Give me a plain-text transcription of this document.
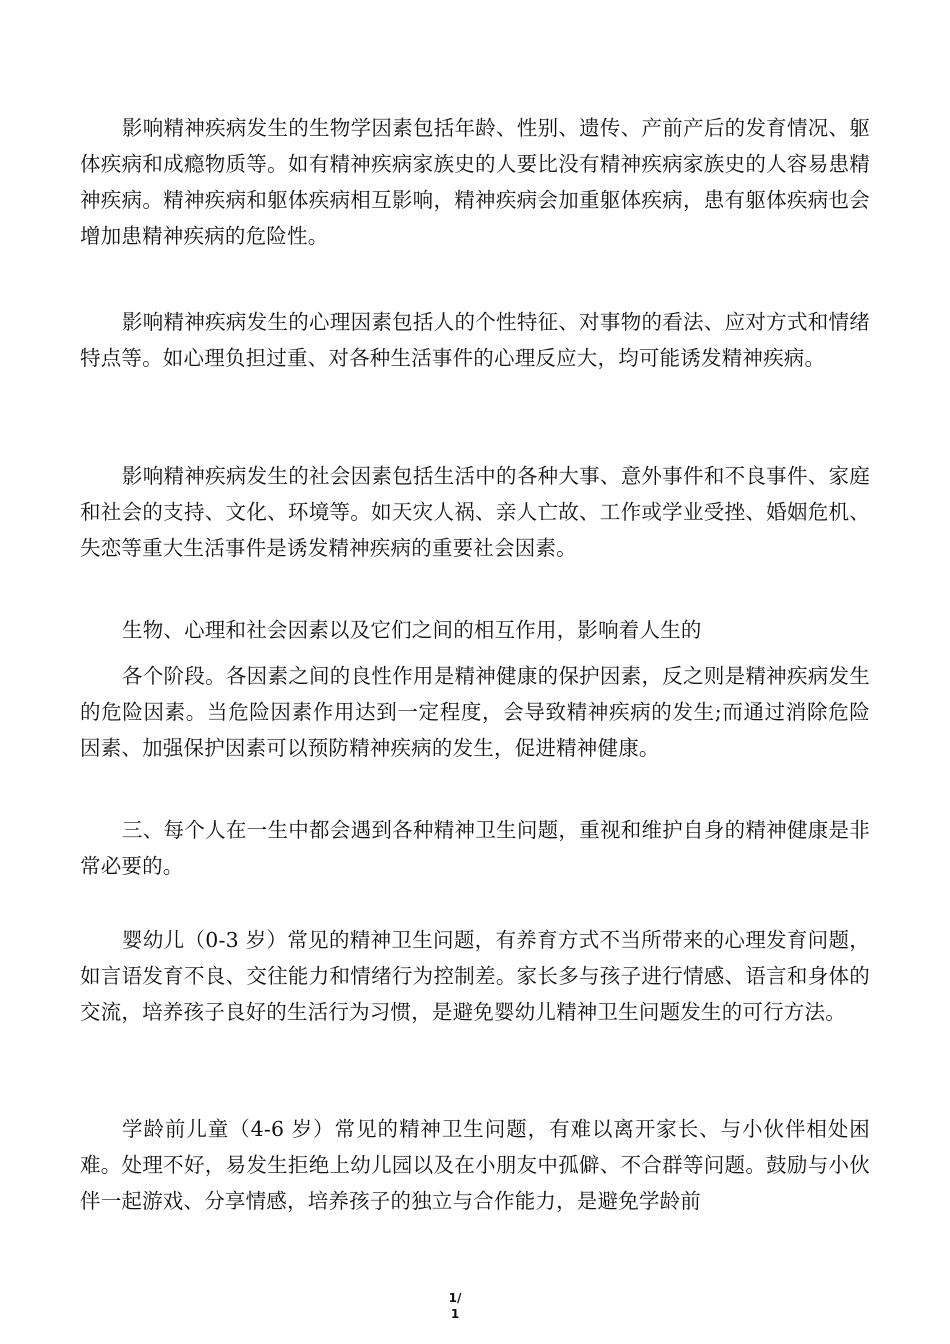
影响精神疾病发生的生物学因素包括年龄、性别、遗传、产前产后的发育情况、躯体疾病和成瘾物质等。如有精神疾病家族史的人要比没有精神疾病家族史的人容易患精神疾病。精神疾病和躯体疾病相互影响，精神疾病会加重躯体疾病，患有躯体疾病也会增加患精神疾病的危险性。

影响精神疾病发生的心理因素包括人的个性特征、对事物的看法、应对方式和情绪特点等。如心理负担过重、对各种生活事件的心理反应大，均可能诱发精神疾病。

影响精神疾病发生的社会因素包括生活中的各种大事、意外事件和不良事件、家庭和社会的支持、文化、环境等。如天灾人祸、亲人亡故、工作或学业受挫、婚姻危机、失恋等重大生活事件是诱发精神疾病的重要社会因素。

生物、心理和社会因素以及它们之间的相互作用，影响着人生的

各个阶段。各因素之间的良性作用是精神健康的保护因素，反之则是精神疾病发生的危险因素。当危险因素作用达到一定程度，会导致精神疾病的发生;而通过消除危险因素、加强保护因素可以预防精神疾病的发生，促进精神健康。

三、每个人在一生中都会遇到各种精神卫生问题，重视和维护自身的精神健康是非常必要的。

婴幼儿（0-3 岁）常见的精神卫生问题，有养育方式不当所带来的心理发育问题，如言语发育不良、交往能力和情绪行为控制差。家长多与孩子进行情感、语言和身体的交流，培养孩子良好的生活行为习惯，是避免婴幼儿精神卫生问题发生的可行方法。

学龄前儿童（4-6 岁）常见的精神卫生问题，有难以离开家长、与小伙伴相处困难。处理不好，易发生拒绝上幼儿园以及在小朋友中孤僻、不合群等问题。鼓励与小伙伴一起游戏、分享情感，培养孩子的独立与合作能力，是避免学龄前

1/
1
